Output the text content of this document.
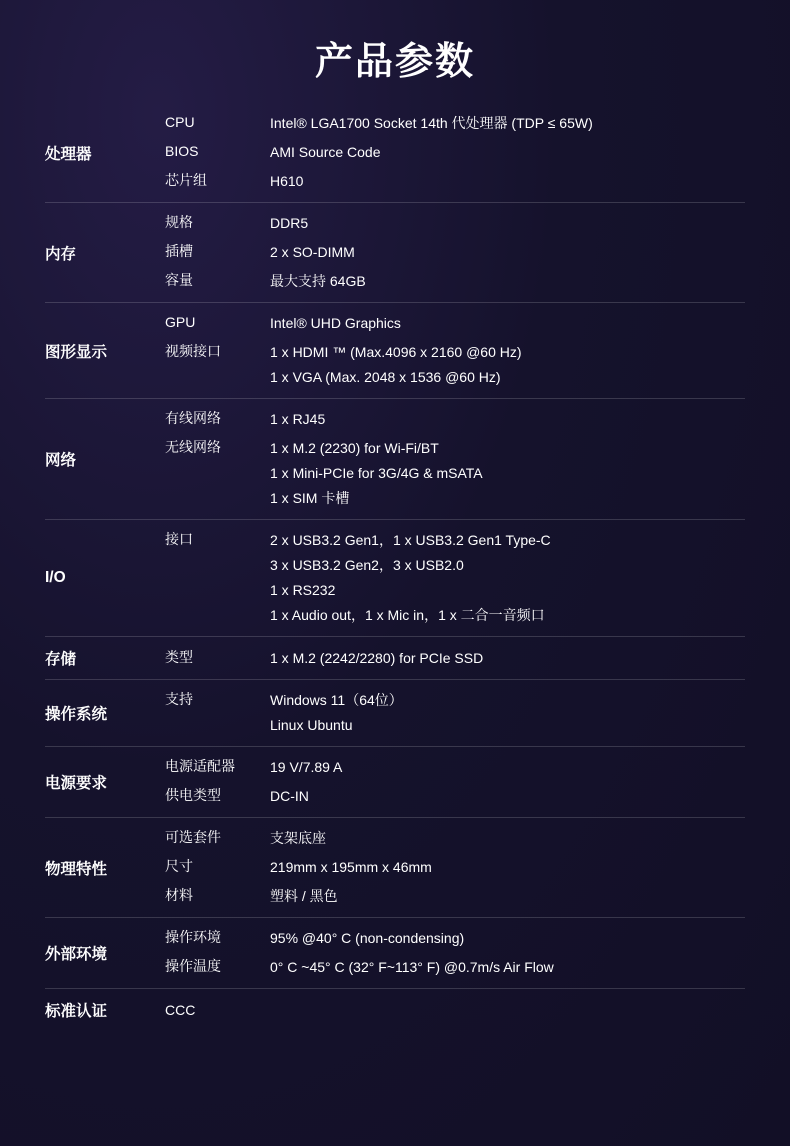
产品参数
处理器	
CPU	Intel® LGA1700 Socket 14th 代处理器 (TDP ≤ 65W)
BIOS	AMI Source Code
芯片组	H610

内存	
规格	DDR5
插槽	2 x SO-DIMM
容量	最大支持 64GB

图形显示	GPU Intel® UHD Graphics
视频接口 1 x HDMI ™ (Max.4096 x 2160 @60 Hz)
1 x VGA (Max. 2048 x 1536 @60 Hz)

网络	
有线网络	1 x RJ45
无线网络	1 x M.2 (2230) for Wi-Fi/BT
1 x Mini-PCIe for 3G/4G & mSATA
1 x SIM 卡槽

I/O	接口 2 x USB3.2 Gen1，1 x USB3.2 Gen1 Type-C
3 x USB3.2 Gen2，3 x USB2.0
1 x RS232
1 x Audio out，1 x Mic in，1 x 二合一音频口

存储	类型 1 x M.2 (2242/2280) for PCIe SSD

操作系统	支持 Windows 11（64位）
Linux Ubuntu

电源要求	电源适配器 19 V/7.89 A
供电类型 DC-IN

物理特性	
可选套件	支架底座
尺寸	219mm x 195mm x 46mm
材料	塑料 / 黑色

外部环境	操作环境 95% @40° C (non-condensing)
操作温度 0° C ~45° C (32° F~113° F) @0.7m/s Air Flow

标准认证	CCC
